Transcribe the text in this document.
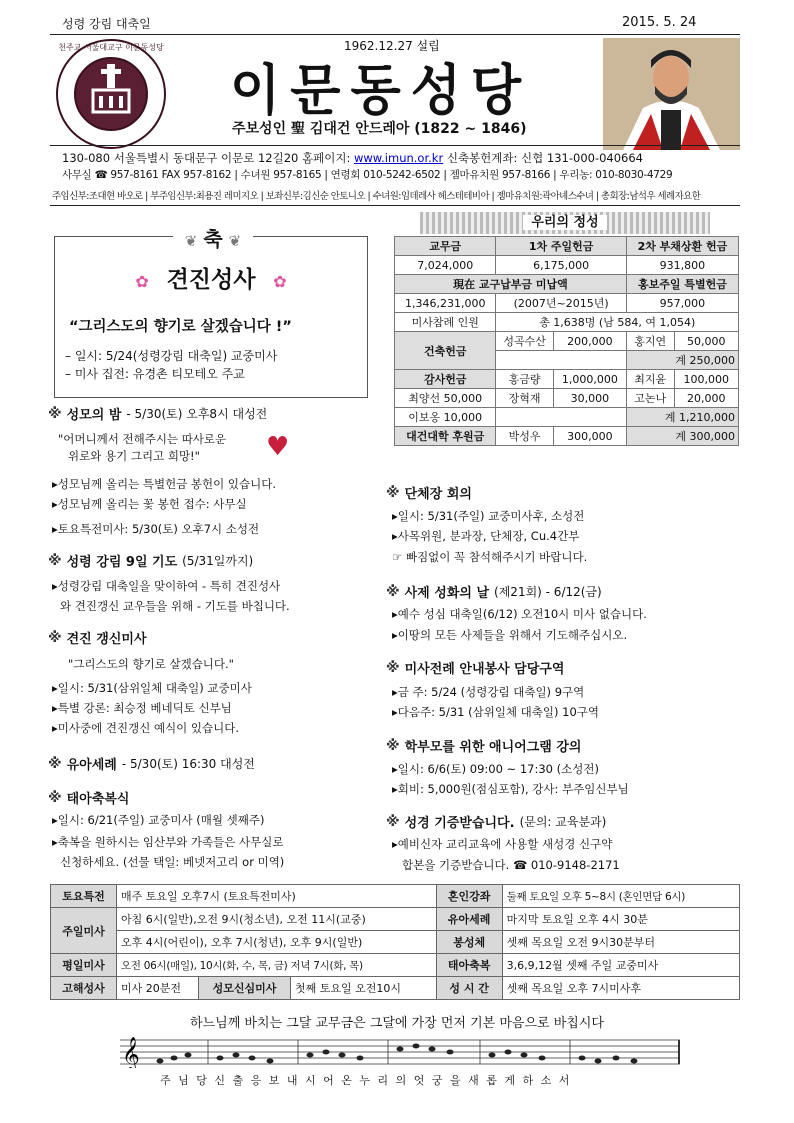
성령 강림 대축일	2015. 5. 24
천주교 서울대교구 이문동성당	1962.12.27 설립
이문동성당
주보성인 聖 김대건 안드레아 (1822 ~ 1846)
130-080 서울특별시 동대문구 이문로 12길20 홈페이지: www.imun.or.kr 신축봉헌계좌: 신협 131-000-040664
사무실 ☎ 957-8161 FAX 957-8162 | 수녀원 957-8165 | 연령회 010-5242-6502 | 젬마유치원 957-8166 | 우리농: 010-8030-4729
주임신부:조대현 바오로 | 부주임신부:최용진 레미지오 | 보좌신부:김신순 안토니오 | 수녀원:임데레사 헤스테테비아 | 젬마유치원:곽아녜스수녀 | 총회장:남석우 세례자요한
❦ 축 ❦
✿ 견진성사 ✿
“그리스도의 향기로 살겠습니다 !”
– 일시: 5/24(성령강림 대축일) 교중미사
– 미사 집전: 유경촌 티모테오 주교
※ 성모의 밤 - 5/30(토) 오후8시 대성전
"어머니께서 전해주시는 따사로운
위로와 용기 그리고 희망!"	♥
▸성모님께 올리는 특별헌금 봉헌이 있습니다.
▸성모님께 올리는 꽃 봉헌 접수: 사무실
▸토요특전미사: 5/30(토) 오후7시 소성전
※ 성령 강림 9일 기도 (5/31일까지)
▸성령강림 대축일을 맞이하여 - 특히 견진성사
와 견진갱신 교우들을 위해 - 기도를 바칩니다.
※ 견진 갱신미사
"그리스도의 향기로 살겠습니다."
▸일시: 5/31(삼위일체 대축일) 교중미사
▸특별 강론: 최승정 베네딕토 신부님
▸미사중에 견진갱신 예식이 있습니다.
※ 유아세례 - 5/30(토) 16:30 대성전
※ 태아축복식
▸일시: 6/21(주일) 교중미사 (매월 셋째주)
▸축복을 원하시는 임산부와 가족들은 사무실로
신청하세요. (선물 택일: 베넷저고리 or 미역)
우리의 정성
교무금	1차 주일헌금		2차 부채상환 헌금	
7,024,000	6,175,000		931,800	
現在 교구납부금 미납액			홍보주일 특별헌금	
1,346,231,000	(2007년~2015년)		957,000	
미사참례 인원	총 1,638명 (남 584, 여 1,054)			
건축헌금	성곡수산	200,000	홍지연	50,000
			계 250,000	
감사헌금	홍금량	1,000,000	최지윤	100,000
최양선 50,000	장혁재	30,000	고논나	20,000
이보옹 10,000			계 1,210,000	
대건대학 후원금	박성우	300,000	계 300,000	
※ 단체장 회의
▸일시: 5/31(주일) 교중미사후, 소성전
▸사목위원, 분과장, 단체장, Cu.4간부
☞ 빠짐없이 꼭 참석해주시기 바랍니다.
※ 사제 성화의 날 (제21회) - 6/12(금)
▸예수 성심 대축일(6/12) 오전10시 미사 없습니다.
▸이땅의 모든 사제들을 위해서 기도해주십시오.
※ 미사전례 안내봉사 담당구역
▸금 주: 5/24 (성령강림 대축일) 9구역
▸다음주: 5/31 (삼위일체 대축일) 10구역
※ 학부모를 위한 애니어그램 강의
▸일시: 6/6(토) 09:00 ~ 17:30 (소성전)
▸회비: 5,000원(점심포함), 강사: 부주임신부님
※ 성경 기증받습니다. (문의: 교육분과)
▸예비신자 교리교육에 사용할 새성경 신구약
합본을 기증받습니다. ☎ 010-9148-2171
토요특전	매주 토요일 오후7시 (토요특전미사)			혼인강좌	둘째 토요일 오후 5~8시 (혼인면담 6시)
주일미사	아침 6시(일반),오전 9시(청소년), 오전 11시(교중)			유아세례	마지막 토요일 오후 4시 30분
	오후 4시(어린이), 오후 7시(청년), 오후 9시(일반)			봉성체	셋째 목요일 오전 9시30분부터
평일미사	오전 06시(매일), 10시(화, 수, 목, 금) 저녁 7시(화, 목)			태아축복	3,6,9,12월 셋째 주일 교중미사
고해성사	미사 20분전	성모신심미사	첫째 토요일 오전10시	성 시 간	셋째 목요일 오후 7시미사후
하느님께 바치는 그달 교무금은 그달에 가장 먼저 기본 마음으로 바칩시다
𝄞
주 님 당 신 출 응 보 내 시 어 온 누 리 의 엇 궁 을 새 롭 게 하 소 서
